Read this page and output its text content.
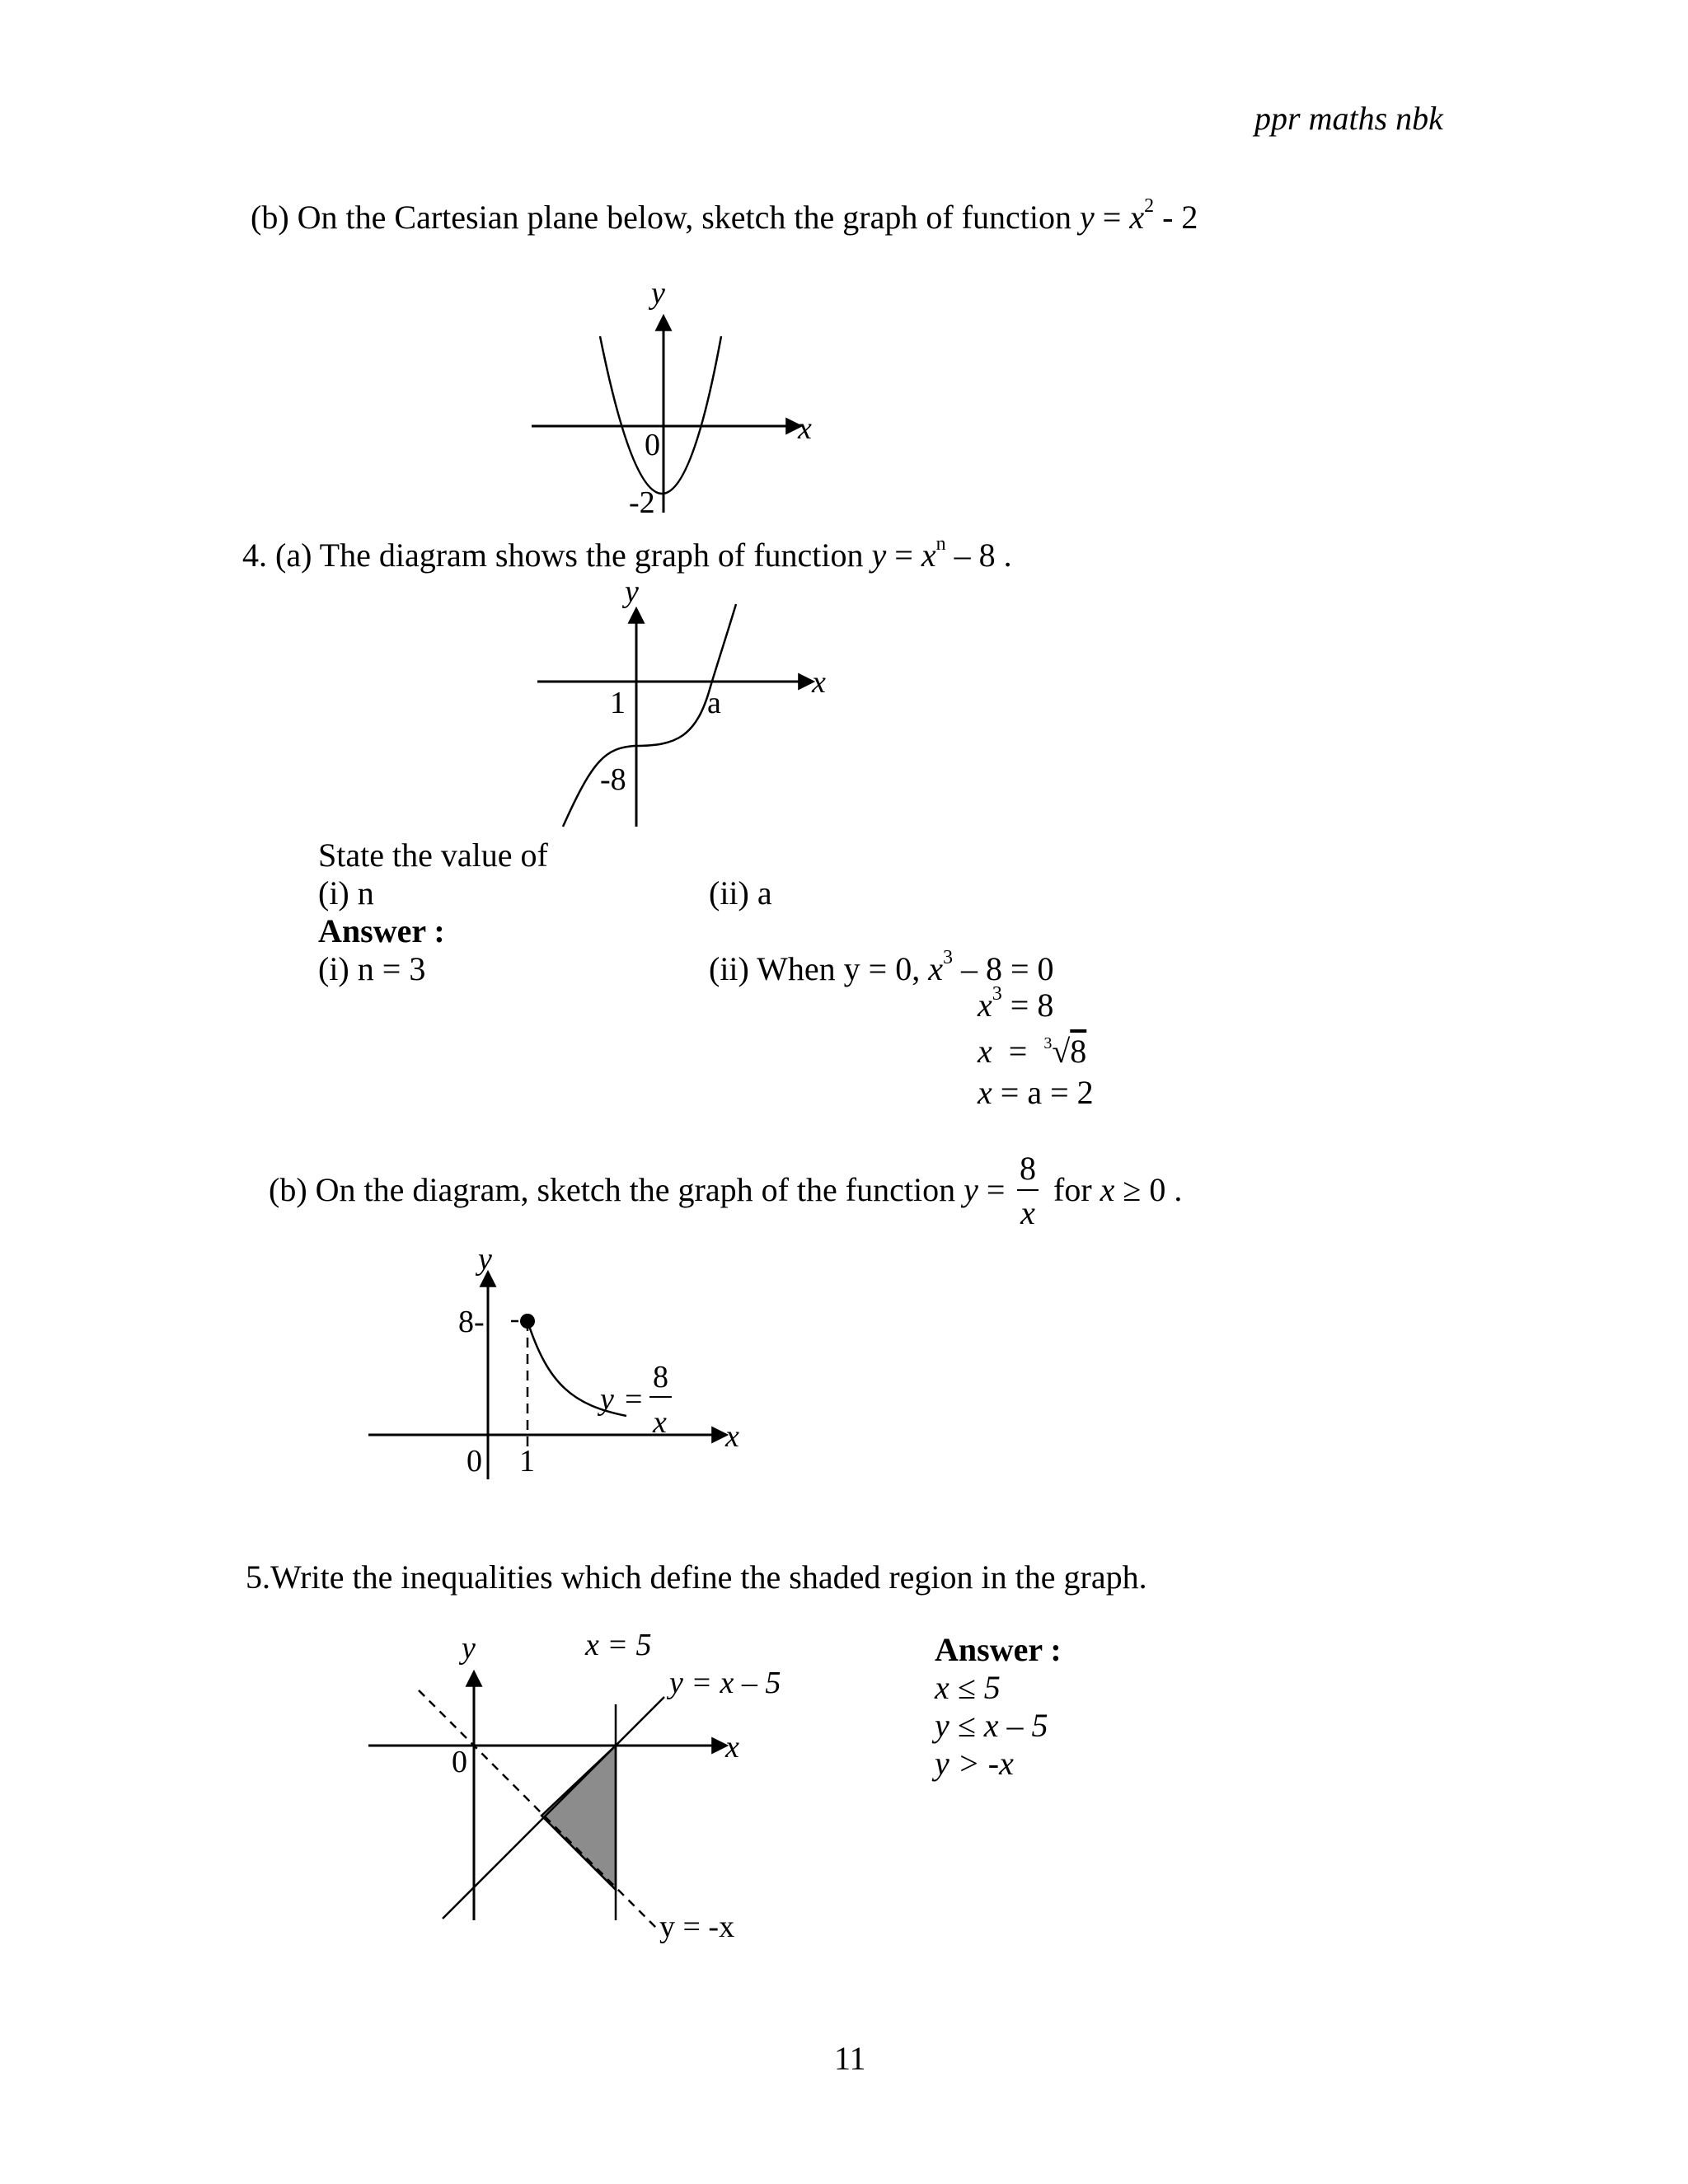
ppr maths nbk
(b) On the Cartesian plane below, sketch the graph of function $y = x^2 - 2$
y
x
0
-2
4. (a) The diagram shows the graph of function $y = x^n - 8$ .
y
x
1	a
-8
State the value of
(i) n	(ii) a
Answer :
(i) n = 3	(ii) When y = 0, $x^3 - 8 = 0$
$x^3 = 8$
x  =  $^3$√8
x = a = 2
(b) On the diagram, sketch the graph of the function y =
8
x
for x ≥ 0 .
y
x
8-
0 1
y =
8
x
5.Write the inequalities which define the shaded region in the graph.
y
x
0
x = 5
y = x – 5
y = -x
Answer :
x ≤ 5
y ≤ x – 5
y > -x
11
